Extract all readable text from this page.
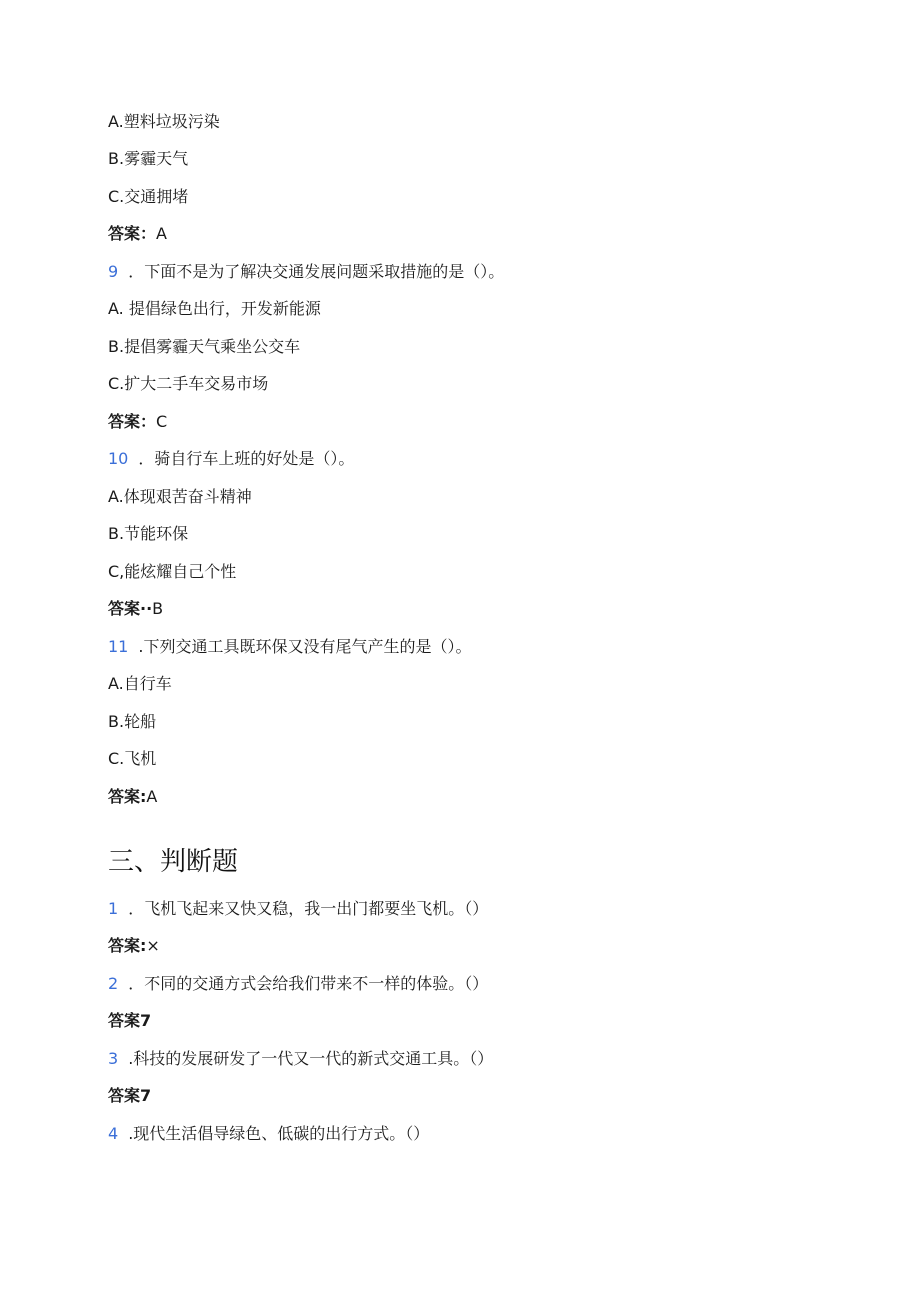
A.塑料垃圾污染
B.雾霾天气
C.交通拥堵
答案：A
9 ．下面不是为了解决交通发展问题采取措施的是（）。
A. 提倡绿色出行，开发新能源
B.提倡雾霾天气乘坐公交车
C.扩大二手车交易市场
答案：C
10 ．骑自行车上班的好处是（）。
A.体现艰苦奋斗精神
B.节能环保
C,能炫耀自己个性
答案··B
11 .下列交通工具既环保又没有尾气产生的是（）。
A.自行车
B.轮船
C.飞机
答案:A
三、判断题
1 ．飞机飞起来又快又稳，我一出门都要坐飞机。（）
答案:×
2 ．不同的交通方式会给我们带来不一样的体验。（）
答案7
3 .科技的发展研发了一代又一代的新式交通工具。（）
答案7
4 .现代生活倡导绿色、低碳的出行方式。（）
